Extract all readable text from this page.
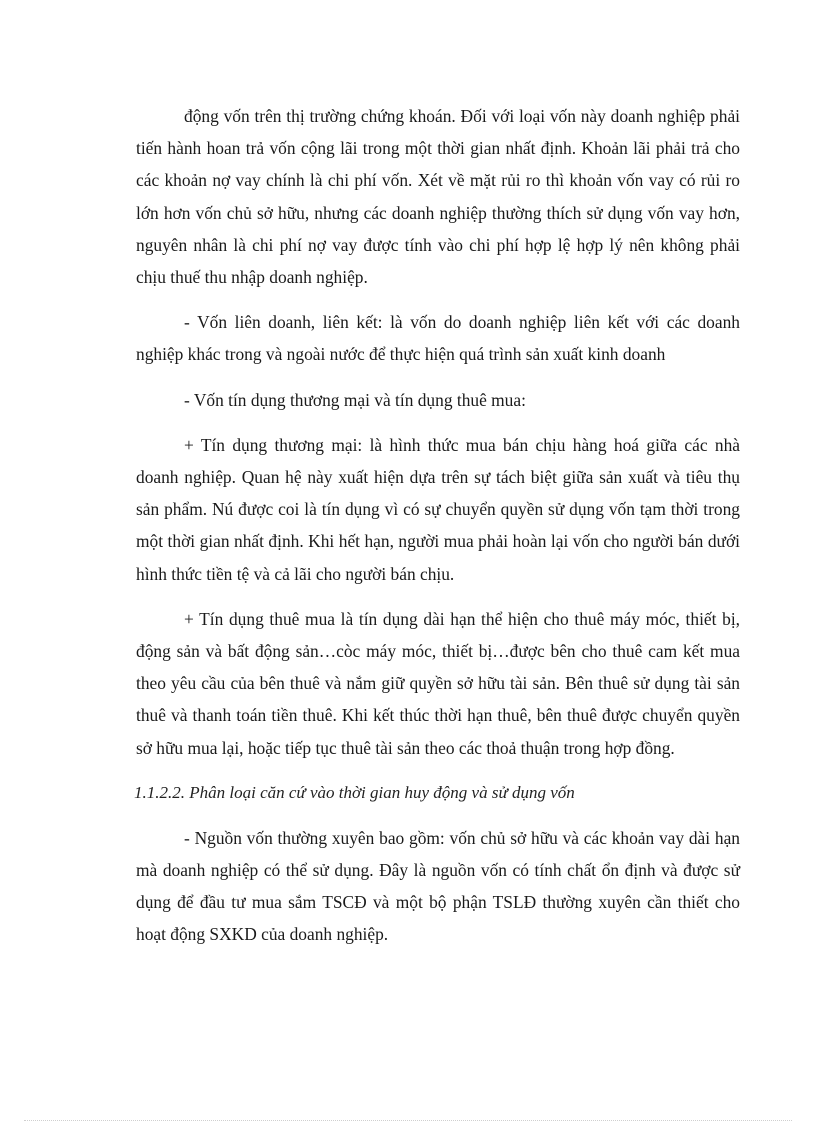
động vốn trên thị trường chứng khoán. Đối với loại vốn này doanh nghiệp phải tiến hành hoan trả vốn cộng lãi trong một thời gian nhất định. Khoản lãi phải trả cho các khoản nợ vay chính là chi phí vốn. Xét về mặt rủi ro thì khoản vốn vay có rủi ro lớn hơn vốn chủ sở hữu, nhưng các doanh nghiệp thường thích sử dụng vốn vay hơn, nguyên nhân là chi phí nợ vay được tính vào chi phí hợp lệ hợp lý nên không phải chịu thuế thu nhập doanh nghiệp.

- Vốn liên doanh, liên kết: là vốn do doanh nghiệp liên kết với các doanh nghiệp khác trong và ngoài nước để thực hiện quá trình sản xuất kinh doanh

- Vốn tín dụng thương mại và tín dụng thuê mua:

+ Tín dụng thương mại: là hình thức mua bán chịu hàng hoá giữa các nhà doanh nghiệp. Quan hệ này xuất hiện dựa trên sự tách biệt giữa sản xuất và tiêu thụ sản phẩm. Nú được coi là tín dụng vì có sự chuyển quyền sử dụng vốn tạm thời trong một thời gian nhất định. Khi hết hạn, người mua phải hoàn lại vốn cho người bán dưới hình thức tiền tệ và cả lãi cho người bán chịu.

+ Tín dụng thuê mua là tín dụng dài hạn thể hiện cho thuê máy móc, thiết bị, động sản và bất động sản…còc máy móc, thiết bị…được bên cho thuê cam kết mua theo yêu cầu của bên thuê và nắm giữ quyền sở hữu tài sản. Bên thuê sử dụng tài sản thuê và thanh toán tiền thuê. Khi kết thúc thời hạn thuê, bên thuê được chuyển quyền sở hữu mua lại, hoặc tiếp tục thuê tài sản theo các thoả thuận trong hợp đồng.

1.1.2.2. Phân loại căn cứ vào thời gian huy động và sử dụng vốn

- Nguồn vốn thường xuyên bao gồm: vốn chủ sở hữu và các khoản vay dài hạn mà doanh nghiệp có thể sử dụng. Đây là nguồn vốn có tính chất ổn định và được sử dụng để đầu tư mua sắm TSCĐ và một bộ phận TSLĐ thường xuyên cần thiết cho hoạt động SXKD của doanh nghiệp.
